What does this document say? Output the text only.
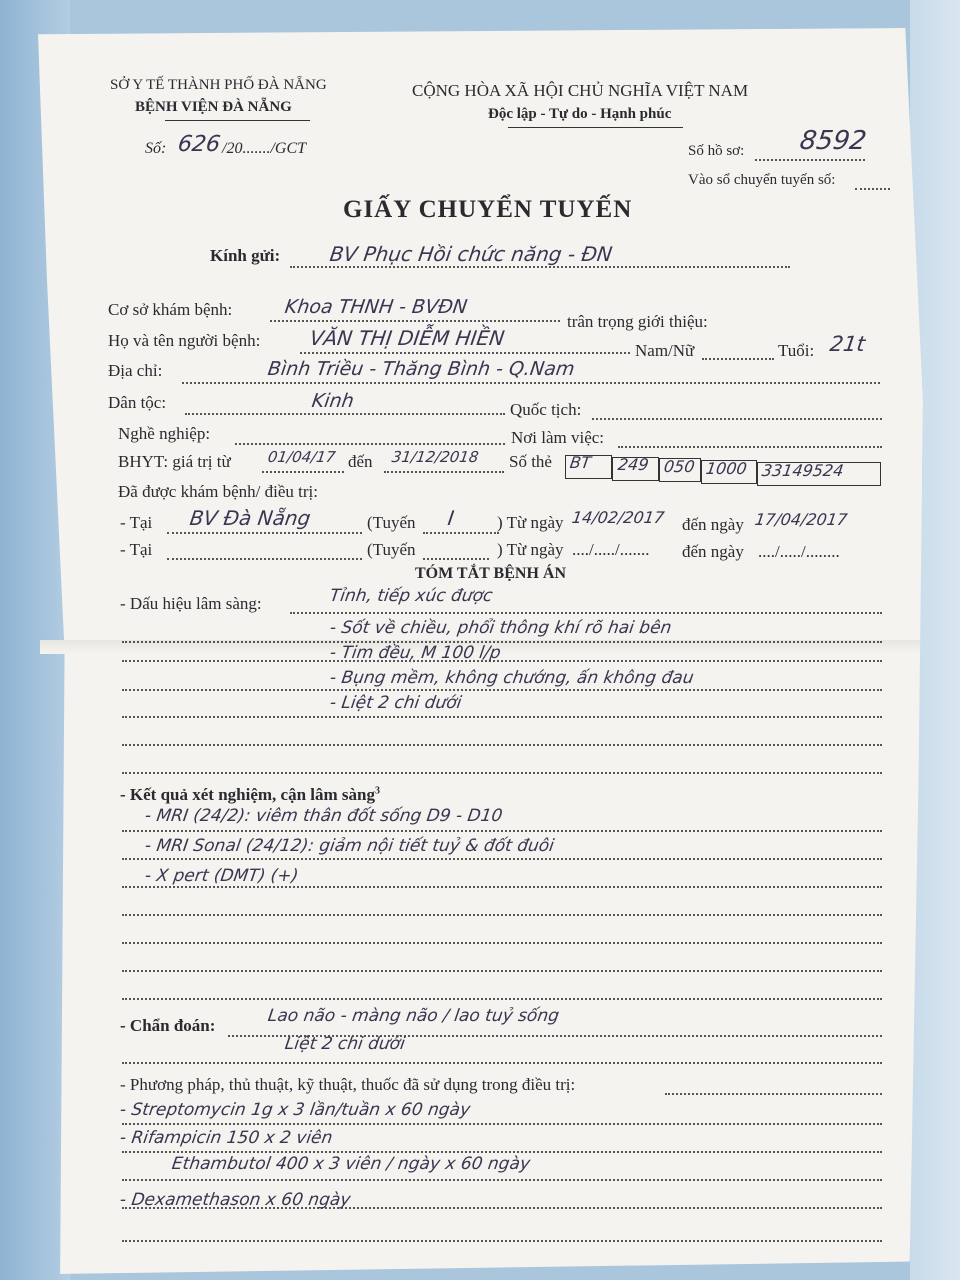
SỞ Y TẾ THÀNH PHỐ ĐÀ NẴNG
BỆNH VIỆN ĐÀ NẴNG
Số: 626 /20......./GCT
CỘNG HÒA XÃ HỘI CHỦ NGHĨA VIỆT NAM
Độc lập - Tự do - Hạnh phúc
Số hồ sơ: 8592
Vào sổ chuyển tuyến số:
GIẤY CHUYỂN TUYẾN
Kính gửi: BV Phục Hồi chức năng - ĐN
Cơ sở khám bệnh:	Khoa THNH - BVĐN
trân trọng giới thiệu:
Họ và tên người bệnh: VĂN THỊ DIỄM HIỀN
Nam/Nữ	Tuổi: 21t
Địa chỉ:	Bình Triều - Thăng Bình - Q.Nam
Dân tộc:	Kinh	Quốc tịch:
Nghề nghiệp:	Nơi làm việc:
BHYT: giá trị từ 01/04/17 đến 31/12/2018 Số thẻ BT 249 050 1000 33149524
Đã được khám bệnh/ điều trị:
- Tại BV Đà Nẵng	(Tuyến I ) Từ ngày 14/02/2017 đến ngày 17/04/2017
- Tại	(Tuyến	) Từ ngày ..../...../....... đến ngày ..../...../........
TÓM TẮT BỆNH ÁN
- Dấu hiệu lâm sàng:	Tỉnh, tiếp xúc được
- Sốt về chiều, phổi thông khí rõ hai bên
- Tim đều, M 100 l/p
- Bụng mềm, không chướng, ấn không đau
- Liệt 2 chi dưới
- Kết quả xét nghiệm, cận lâm sàng$^3$
- MRI (24/2): viêm thân đốt sống D9 - D10
- MRI Sonal (24/12): giảm nội tiết tuỷ & đốt đuôi
- X pert (DMT) (+)
- Chẩn đoán:	Lao não - màng não / lao tuỷ sống
Liệt 2 chi dưới
- Phương pháp, thủ thuật, kỹ thuật, thuốc đã sử dụng trong điều trị:
- Streptomycin 1g x 3 lần/tuần x 60 ngày
- Rifampicin 150 x 2 viên
Ethambutol 400 x 3 viên / ngày x 60 ngày
- Dexamethason x 60 ngày
